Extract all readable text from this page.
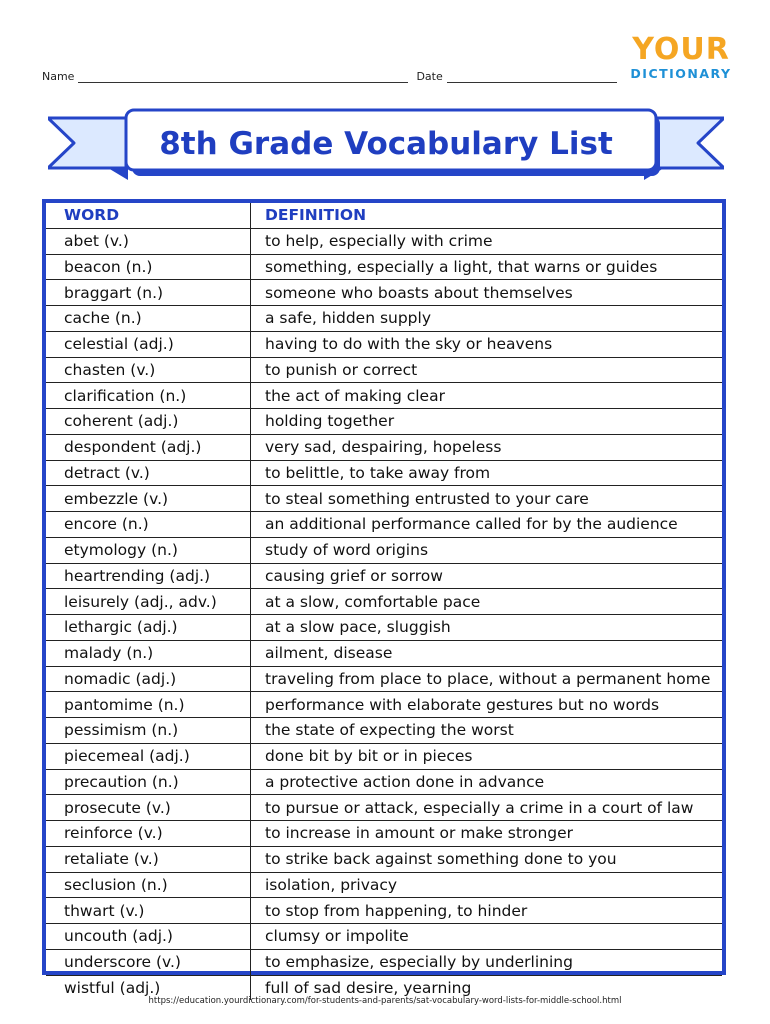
Name	Date
YOUR
DICTIONARY
8th Grade Vocabulary List
WORD	DEFINITION
abet (v.)	to help, especially with crime
beacon (n.)	something, especially a light, that warns or guides
braggart (n.)	someone who boasts about themselves
cache (n.)	a safe, hidden supply
celestial (adj.)	having to do with the sky or heavens
chasten (v.)	to punish or correct
clarification (n.)	the act of making clear
coherent (adj.)	holding together
despondent (adj.)	very sad, despairing, hopeless
detract (v.)	to belittle, to take away from
embezzle (v.)	to steal something entrusted to your care
encore (n.)	an additional performance called for by the audience
etymology (n.)	study of word origins
heartrending (adj.)	causing grief or sorrow
leisurely (adj., adv.)	at a slow, comfortable pace
lethargic (adj.)	at a slow pace, sluggish
malady (n.)	ailment, disease
nomadic (adj.)	traveling from place to place, without a permanent home
pantomime (n.)	performance with elaborate gestures but no words
pessimism (n.)	the state of expecting the worst
piecemeal (adj.)	done bit by bit or in pieces
precaution (n.)	a protective action done in advance
prosecute (v.)	to pursue or attack, especially a crime in a court of law
reinforce (v.)	to increase in amount or make stronger
retaliate (v.)	to strike back against something done to you
seclusion (n.)	isolation, privacy
thwart (v.)	to stop from happening, to hinder
uncouth (adj.)	clumsy or impolite
underscore (v.)	to emphasize, especially by underlining
wistful (adj.)	full of sad desire, yearning
https://education.yourdictionary.com/for-students-and-parents/sat-vocabulary-word-lists-for-middle-school.html
